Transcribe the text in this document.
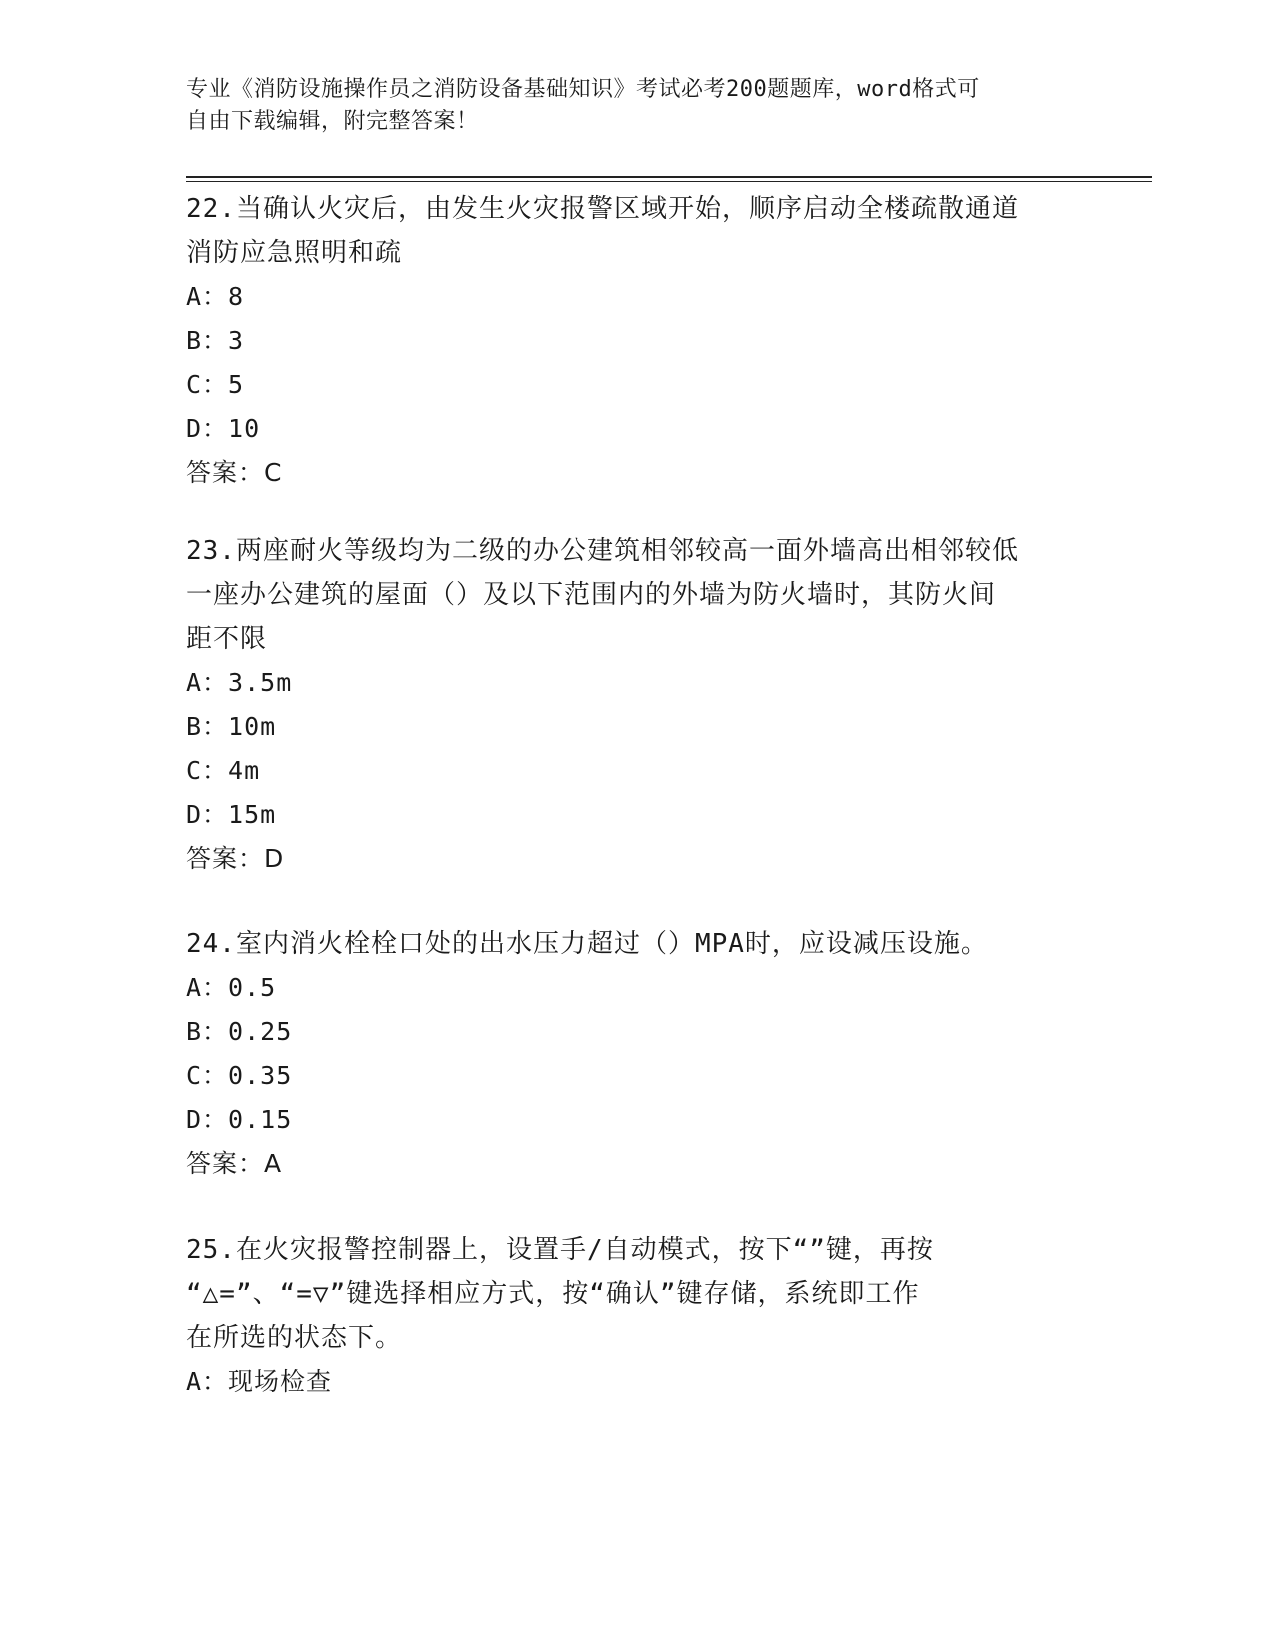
专业《消防设施操作员之消防设备基础知识》考试必考200题题库，word格式可
自由下载编辑，附完整答案！
22.当确认火灾后，由发生火灾报警区域开始，顺序启动全楼疏散通道
消防应急照明和疏
A：8
B：3
C：5
D：10
答案：C
23.两座耐火等级均为二级的办公建筑相邻较高一面外墙高出相邻较低
一座办公建筑的屋面（）及以下范围内的外墙为防火墙时，其防火间
距不限
A：3.5m
B：10m
C：4m
D：15m
答案：D
24.室内消火栓栓口处的出水压力超过（）MPA时，应设减压设施。
A：0.5
B：0.25
C：0.35
D：0.15
答案：A
25.在火灾报警控制器上，设置手/自动模式，按下“”键，再按
“△=”、“=▽”键选择相应方式，按“确认”键存储，系统即工作
在所选的状态下。
A：现场检查
